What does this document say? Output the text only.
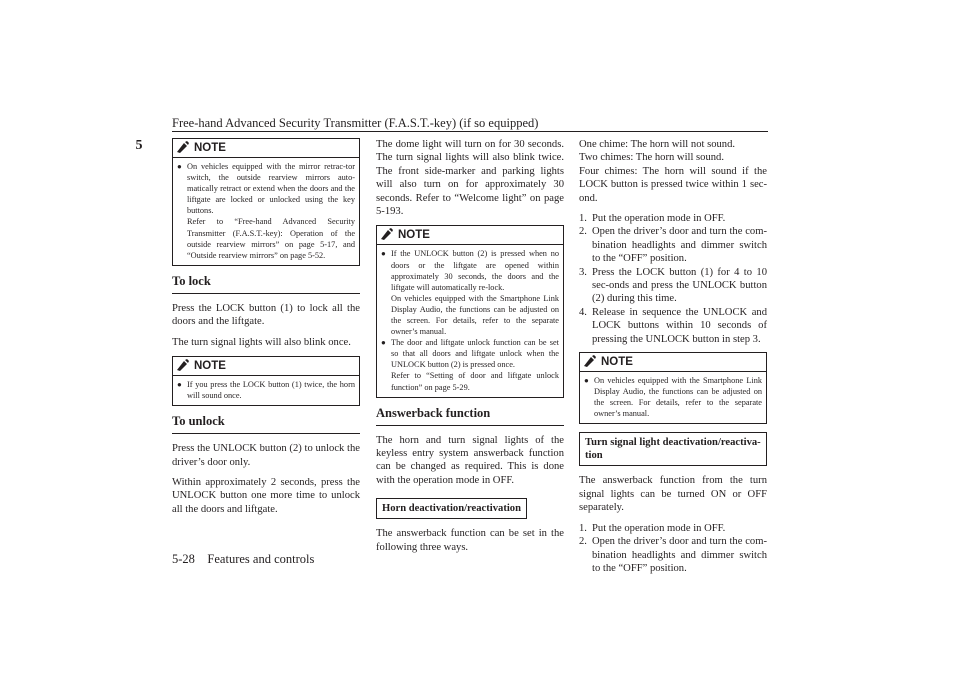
Free-hand Advanced Security Transmitter (F.A.S.T.-key) (if so equipped)
5	NOTE
● On vehicles equipped with the mirror retrac-tor switch, the outside rearview mirrors auto-matically retract or extend when the doors and the liftgate are locked or unlocked using the key buttons.
Refer to “Free-hand Advanced Security Transmitter (F.A.S.T.-key): Operation of the outside rearview mirrors” on page 5-17, and “Outside rearview mirrors” on page 5-52.
To lock

Press the LOCK button (1) to lock all the doors and the liftgate.

The turn signal lights will also blink once.

NOTE
● If you press the LOCK button (1) twice, the horn will sound once.
To unlock

Press the UNLOCK button (2) to unlock the driver’s door only.

Within approximately 2 seconds, press the UNLOCK button one more time to unlock all the doors and liftgate.

The dome light will turn on for 30 seconds. The turn signal lights will also blink twice. The front side-marker and parking lights will also turn on for approximately 30 seconds. Refer to “Welcome light” on page 5-193.

NOTE
● If the UNLOCK button (2) is pressed when no doors or the liftgate are opened within approximately 30 seconds, the doors and the liftgate will automatically re-lock.
On vehicles equipped with the Smartphone Link Display Audio, the functions can be adjusted on the screen. For details, refer to the separate owner’s manual.
● The door and liftgate unlock function can be set so that all doors and liftgate unlock when the UNLOCK button (2) is pressed once.
Refer to “Setting of door and liftgate unlock function” on page 5-29.
Answerback function

The horn and turn signal lights of the keyless entry system answerback function can be changed as required. This is done with the operation mode in OFF.

Horn deactivation/reactivation

The answerback function can be set in the following three ways.

One chime: The horn will not sound.

Two chimes: The horn will sound.

Four chimes: The horn will sound if the LOCK button is pressed twice within 1 sec-ond.

1. Put the operation mode in OFF.
2. Open the driver’s door and turn the com-bination headlights and dimmer switch to the “OFF” position.
3. Press the LOCK button (1) for 4 to 10 sec-onds and press the UNLOCK button (2) during this time.
4. Release in sequence the UNLOCK and LOCK buttons within 10 seconds of pressing the UNLOCK button in step 3.
NOTE
● On vehicles equipped with the Smartphone Link Display Audio, the functions can be adjusted on the screen. For details, refer to the separate owner’s manual.
Turn signal light deactivation/reactiva-tion

The answerback function from the turn signal lights can be turned ON or OFF separately.

1. Put the operation mode in OFF.
2. Open the driver’s door and turn the com-bination headlights and dimmer switch to the “OFF” position.
5-28 Features and controls
